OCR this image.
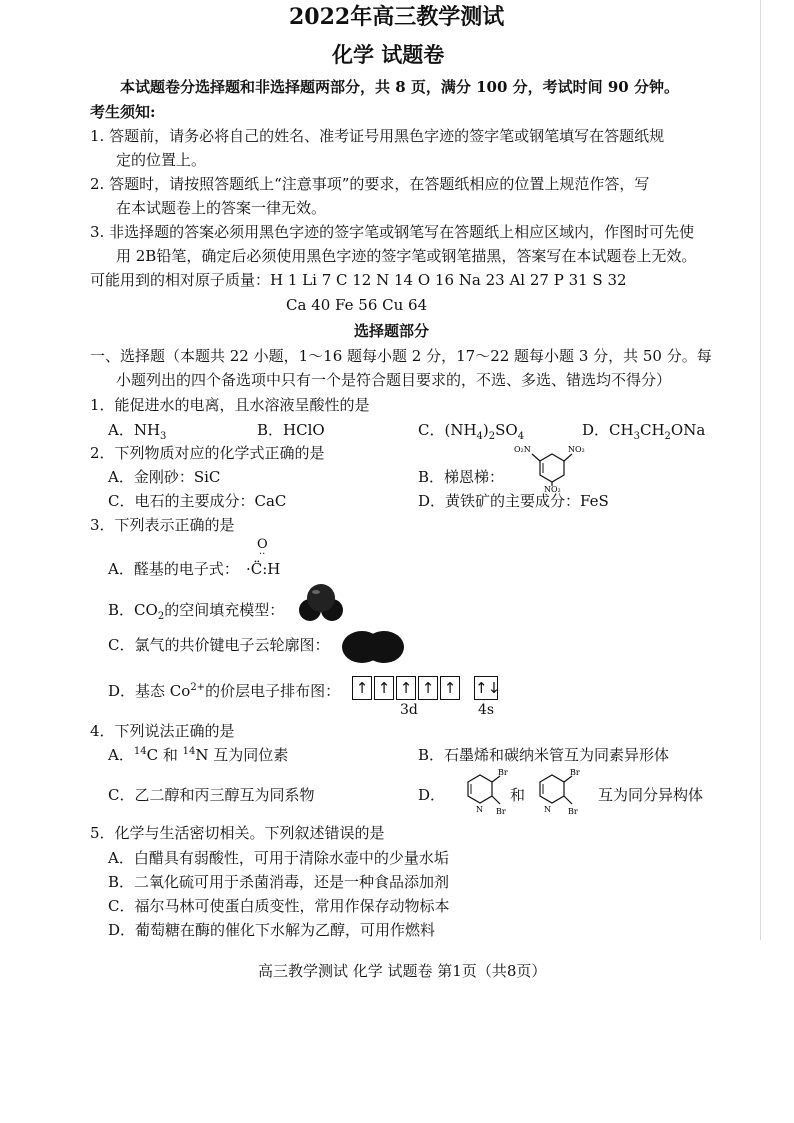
2022年高三教学测试
化学 试题卷
本试题卷分选择题和非选择题两部分，共 8 页，满分 100 分，考试时间 90 分钟。
考生须知:
1. 答题前，请务必将自己的姓名、准考证号用黑色字迹的签字笔或钢笔填写在答题纸规
定的位置上。
2. 答题时，请按照答题纸上“注意事项”的要求，在答题纸相应的位置上规范作答，写
在本试题卷上的答案一律无效。
3. 非选择题的答案必须用黑色字迹的签字笔或钢笔写在答题纸上相应区域内，作图时可先使
用 2B铅笔，确定后必须使用黑色字迹的签字笔或钢笔描黑，答案写在本试题卷上无效。
可能用到的相对原子质量：H 1 Li 7 C 12 N 14 O 16 Na 23 Al 27 P 31 S 32
Ca 40 Fe 56 Cu 64
选择题部分
一、选择题（本题共 22 小题，1～16 题每小题 2 分，17～22 题每小题 3 分，共 50 分。每
小题列出的四个备选项中只有一个是符合题目要求的，不选、多选、错选均不得分）
1．能促进水的电离，且水溶液呈酸性的是
A．$NH_3$	B．HClO	C．$(NH_4)_2SO_4$	D．$CH_3CH_2ONa$
2．下列物质对应的化学式正确的是
A．金刚砂：SiC	B．梯恩梯：
O₂N	NO₂
NO₂
C．电石的主要成分：CaC	D．黄铁矿的主要成分：FeS
3．下列表示正确的是
A．醛基的电子式：
O
··
·C̈:H
B．$CO_2$的空间填充模型：
C．氯气的共价键电子云轮廓图：
D．基态 $Co^{2+}$的价层电子排布图： ↑ ↑ ↑ ↑ ↑ ↑↓
3d	4s
4．下列说法正确的是
A．$^{14}$C 和 $^{14}$N 互为同位素	B．石墨烯和碳纳米管互为同素异形体
C．乙二醇和丙三醇互为同系物	D．
Br
Br
N
和
Br
Br
N
互为同分异构体
5．化学与生活密切相关。下列叙述错误的是
A．白醋具有弱酸性，可用于清除水壶中的少量水垢
B．二氧化硫可用于杀菌消毒，还是一种食品添加剂
C．福尔马林可使蛋白质变性，常用作保存动物标本
D．葡萄糖在酶的催化下水解为乙醇，可用作燃料
高三教学测试 化学 试题卷 第1页（共8页）
